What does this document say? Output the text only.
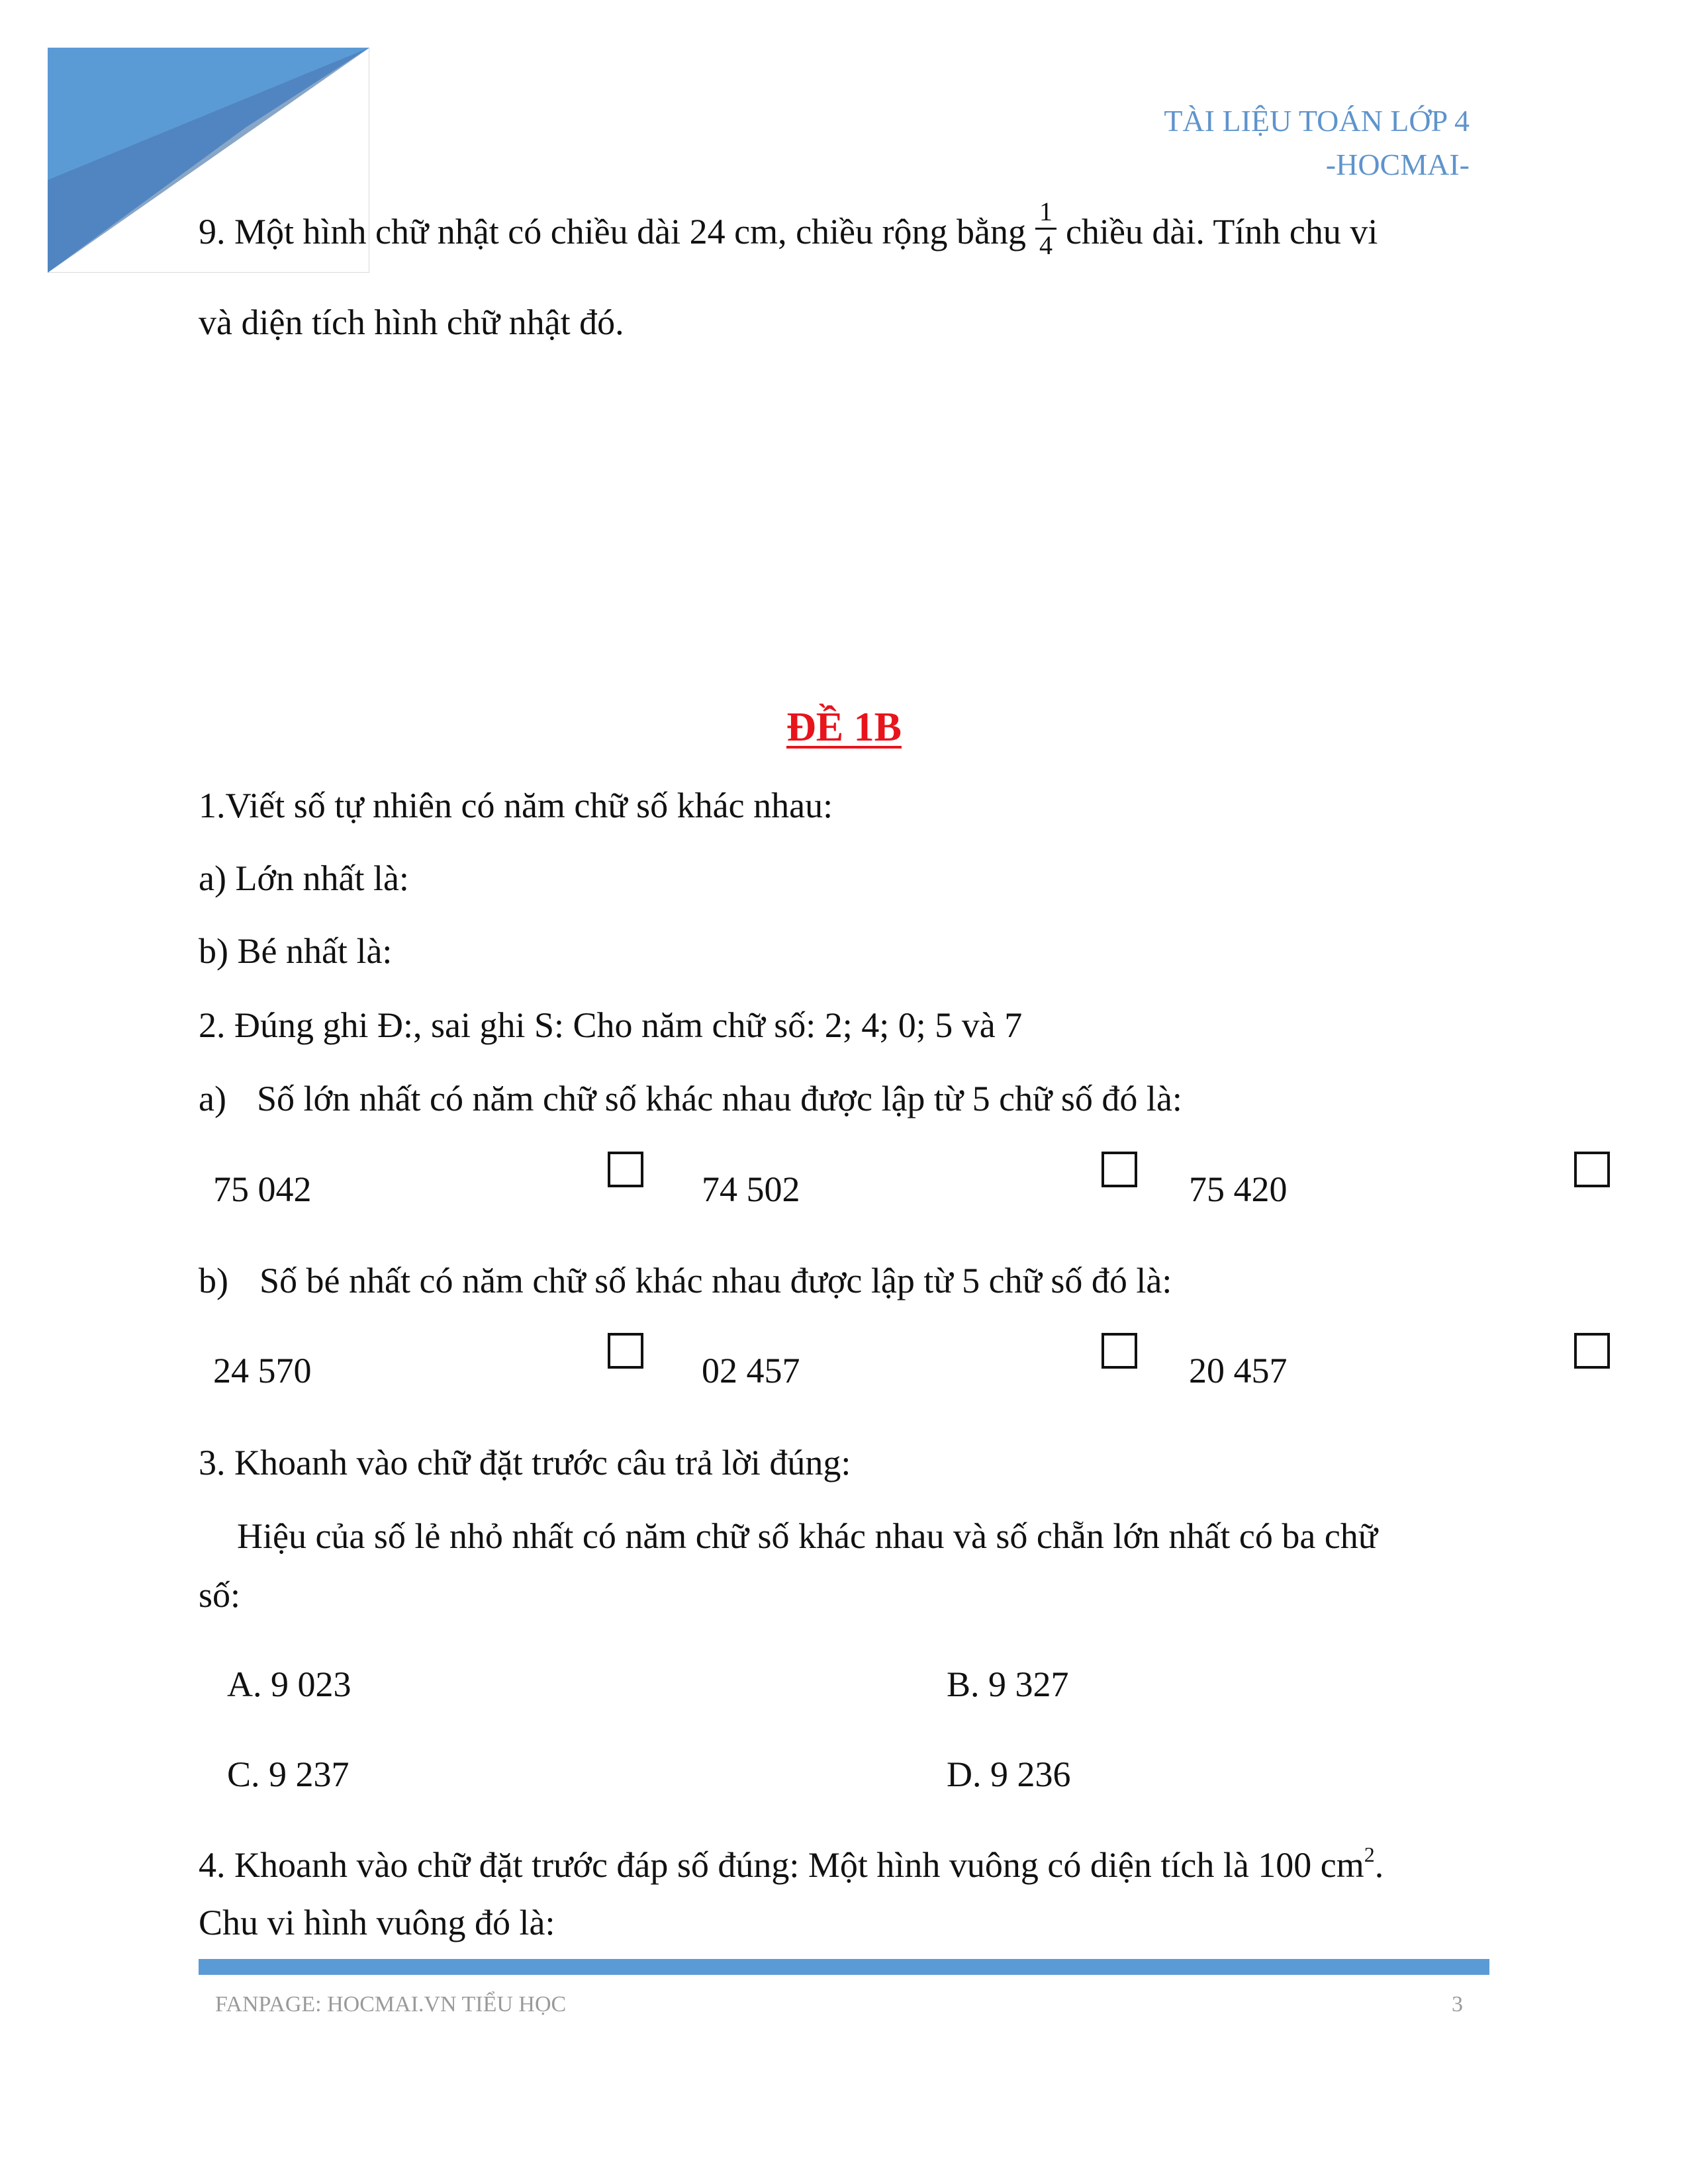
TÀI LIỆU TOÁN LỚP 4
-HOCMAI-
9. Một hình chữ nhật có chiều dài 24 cm, chiều rộng bằng $\frac{1}{4}$ chiều dài. Tính chu vi
và diện tích hình chữ nhật đó.
ĐỀ 1B
1.Viết số tự nhiên có năm chữ số khác nhau:
a) Lớn nhất là:
b) Bé nhất là:
2. Đúng ghi Đ:, sai ghi S: Cho năm chữ số: 2; 4; 0; 5 và 7
a) Số lớn nhất có năm chữ số khác nhau được lập từ 5 chữ số đó là:
75 042	74 502	75 420
b) Số bé nhất có năm chữ số khác nhau được lập từ 5 chữ số đó là:
24 570	02 457	20 457
3. Khoanh vào chữ đặt trước câu trả lời đúng:
Hiệu của số lẻ nhỏ nhất có năm chữ số khác nhau và số chẵn lớn nhất có ba chữ
số:
A. 9 023	B. 9 327
C. 9 237	D. 9 236
4. Khoanh vào chữ đặt trước đáp số đúng: Một hình vuông có diện tích là 100 $cm^2$.
Chu vi hình vuông đó là:
FANPAGE: HOCMAI.VN TIỂU HỌC	3
